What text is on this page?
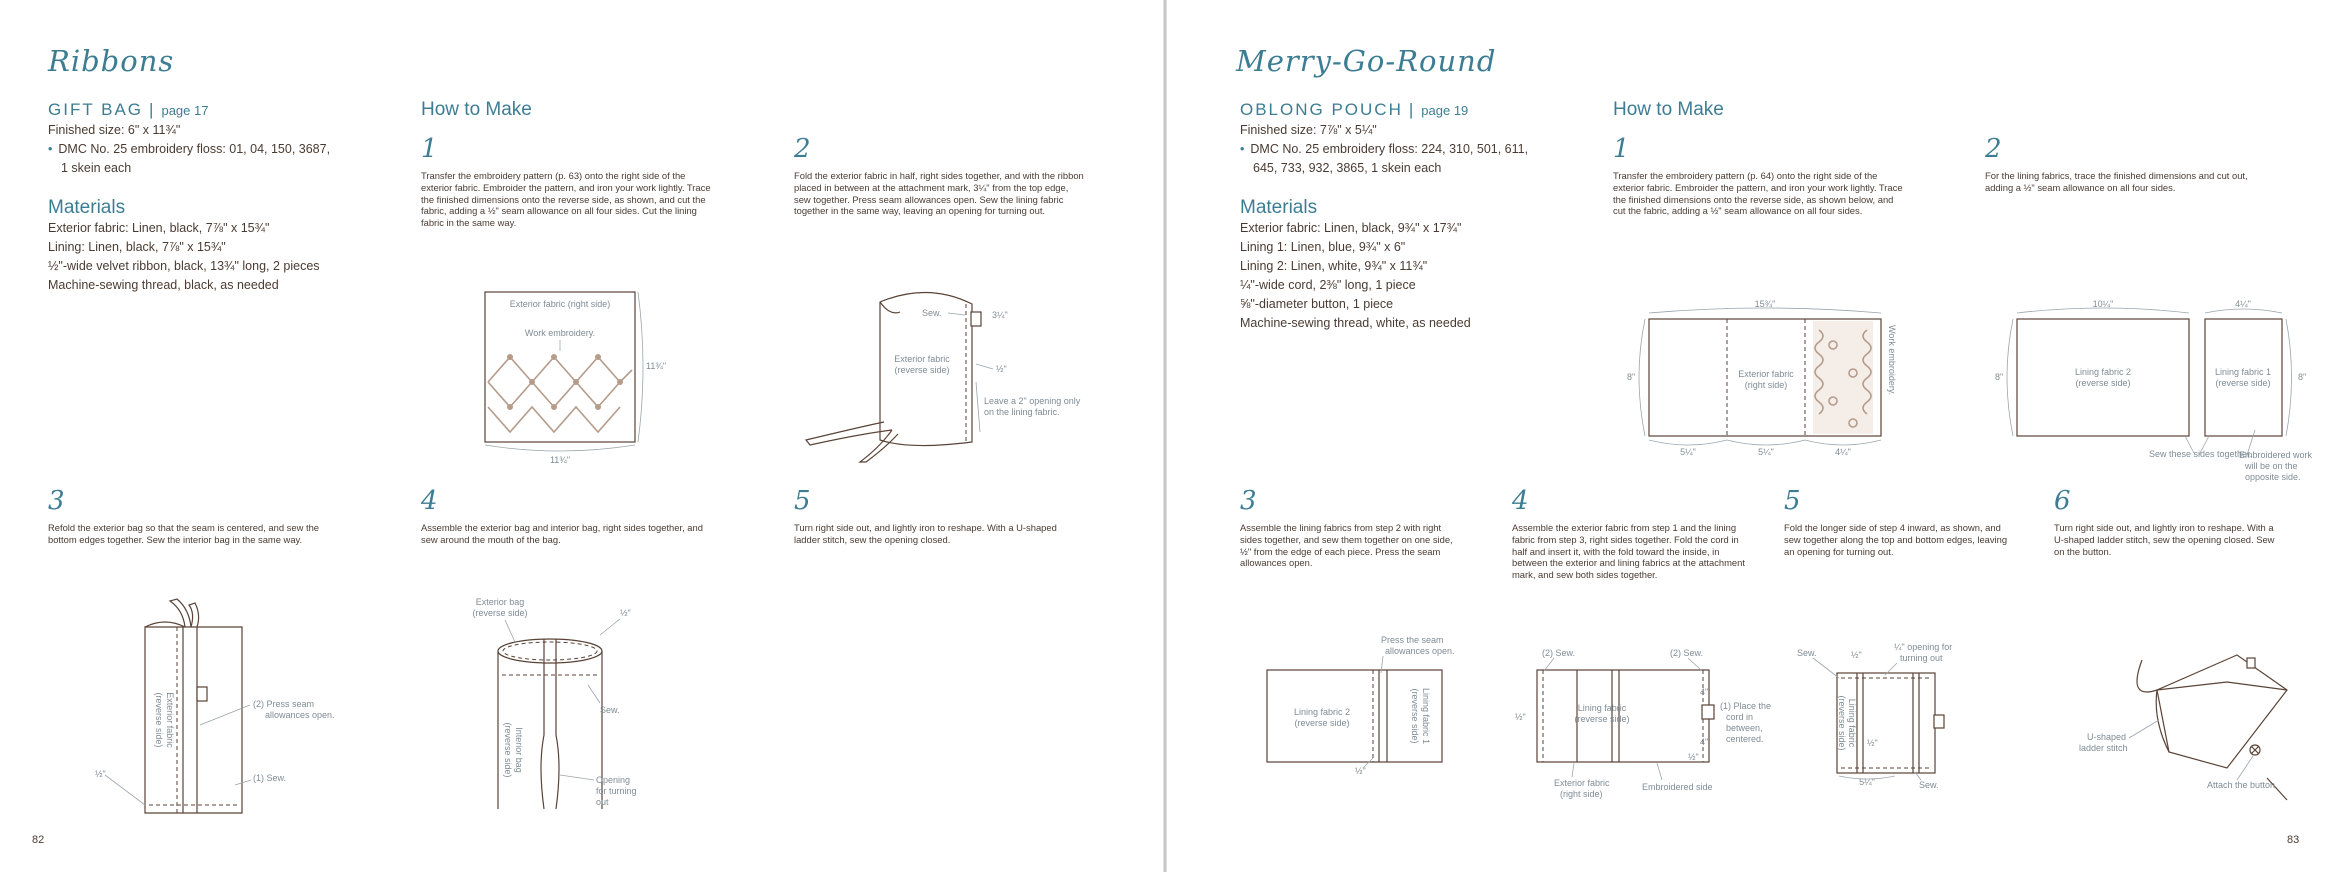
Ribbons
GIFT BAG | page 17
Finished size: 6" x 11¾"
• DMC No. 25 embroidery floss: 01, 04, 150, 3687,
1 skein each
Materials
Exterior fabric: Linen, black, 7⅞" x 15¾"
Lining: Linen, black, 7⅞" x 15¾"
½"-wide velvet ribbon, black, 13¾" long, 2 pieces
Machine-sewing thread, black, as needed
How to Make
1
Transfer the embroidery pattern (p. 63) onto the right side of the exterior fabric. Embroider the pattern, and iron your work lightly. Trace the finished dimensions onto the reverse side, as shown, and cut the fabric, adding a ½" seam allowance on all four sides. Cut the lining fabric in the same way.
2
Fold the exterior fabric in half, right sides together, and with the ribbon placed in between at the attachment mark, 3¼" from the top edge, sew together. Press seam allowances open. Sew the lining fabric together in the same way, leaving an opening for turning out.
3
Refold the exterior bag so that the seam is centered, and sew the bottom edges together. Sew the interior bag in the same way.
4
Assemble the exterior bag and interior bag, right sides together, and sew around the mouth of the bag.
5
Turn right side out, and lightly iron to reshape. With a U-shaped ladder stitch, sew the opening closed.
Exterior fabric (right side)
Work embroidery.
11¾"
11¾"
Sew.	3¼"
½"
Exterior fabric
(reverse side)
Leave a 2" opening only
on the lining fabric.
Exterior fabric
(reverse side)	(2) Press seam
allowances open.
(1) Sew.
½"
Exterior bag
(reverse side)	½"
Interior bag
(reverse side)
Sew.
Opening
for turning
out
82
Merry-Go-Round
OBLONG POUCH | page 19
Finished size: 7⅞" x 5¼"
• DMC No. 25 embroidery floss: 224, 310, 501, 611,
645, 733, 932, 3865, 1 skein each
Materials
Exterior fabric: Linen, black, 9¾" x 17¾"
Lining 1: Linen, blue, 9¾" x 6"
Lining 2: Linen, white, 9¾" x 11¾"
¼"-wide cord, 2⅜" long, 1 piece
⅝"-diameter button, 1 piece
Machine-sewing thread, white, as needed
How to Make
1
Transfer the embroidery pattern (p. 64) onto the right side of the exterior fabric. Embroider the pattern, and iron your work lightly. Trace the finished dimensions onto the reverse side, as shown below, and cut the fabric, adding a ½" seam allowance on all four sides.
2
For the lining fabrics, trace the finished dimensions and cut out, adding a ½" seam allowance on all four sides.
3
Assemble the lining fabrics from step 2 with right sides together, and sew them together on one side, ½" from the edge of each piece. Press the seam allowances open.
4
Assemble the exterior fabric from step 1 and the lining fabric from step 3, right sides together. Fold the cord in half and insert it, with the fold toward the inside, in between the exterior and lining fabrics at the attachment mark, and sew both sides together.
5
Fold the longer side of step 4 inward, as shown, and sew together along the top and bottom edges, leaving an opening for turning out.
6
Turn right side out, and lightly iron to reshape. With a U-shaped ladder stitch, sew the opening closed. Sew on the button.
15¾"
8"	Exterior fabric
(right side)	Work embroidery.
5¼"	5¼"	4¼"
10¼"	4¼"
8"	8"
Lining fabric 2
(reverse side)
Lining fabric 1
(reverse side)
Sew these sides together.
Embroidered work
will be on the
opposite side.
Lining fabric 2
(reverse side)	Lining fabric 1
(reverse side)
Press the seam
allowances open.
½"
(2) Sew.	(2) Sew.
½"
Lining fabric
(reverse side)
4"
4"
½"
(1) Place the
cord in
between,
centered.
Exterior fabric
(right side)
Embroidered side
Sew.	½"
¼" opening for
turning out
Lining fabric
(reverse side) ½"
5¼"	Sew.
U-shaped
ladder stitch
Attach the button.
83
